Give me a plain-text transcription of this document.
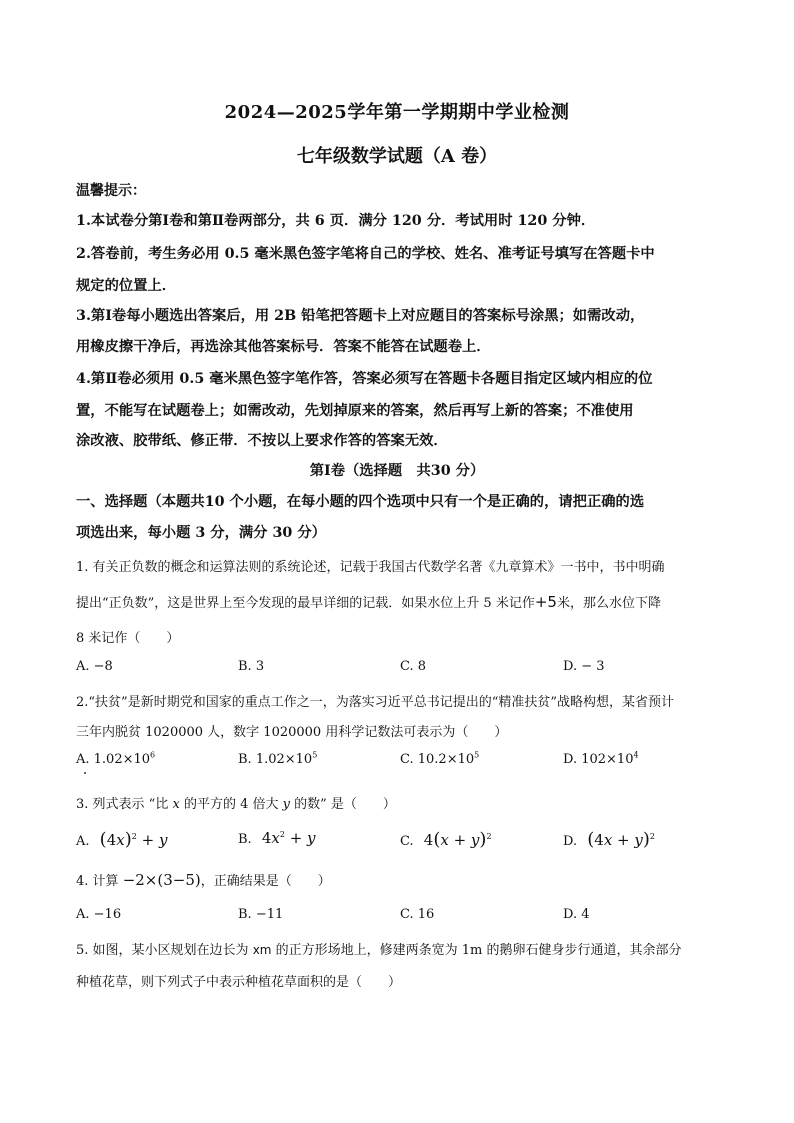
2024—2025学年第一学期期中学业检测
七年级数学试题（A 卷）
温馨提示：
1.本试卷分第Ⅰ卷和第Ⅱ卷两部分，共 6 页．满分 120 分．考试用时 120 分钟．
2.答卷前，考生务必用 0.5 毫米黑色签字笔将自己的学校、姓名、准考证号填写在答题卡中
规定的位置上．
3.第Ⅰ卷每小题选出答案后，用 2B 铅笔把答题卡上对应题目的答案标号涂黑；如需改动，
用橡皮擦干净后，再选涂其他答案标号．答案不能答在试题卷上．
4.第Ⅱ卷必须用 0.5 毫米黑色签字笔作答，答案必须写在答题卡各题目指定区域内相应的位
置，不能写在试题卷上；如需改动，先划掉原来的答案，然后再写上新的答案；不准使用
涂改液、胶带纸、修正带．不按以上要求作答的答案无效．
第Ⅰ卷（选择题　共30 分）
一、选择题（本题共10 个小题，在每小题的四个选项中只有一个是正确的，请把正确的选
项选出来，每小题 3 分，满分 30 分）
1. 有关正负数的概念和运算法则的系统论述，记载于我国古代数学名著《九章算术》一书中，书中明确
提出“正负数”，这是世界上至今发现的最早详细的记载．如果水位上升 5 米记作+5米，那么水位下降
8 米记作（　　）
A. −8	B. 3	C. 8	D. − 3
2.“扶贫”是新时期党和国家的重点工作之一，为落实习近平总书记提出的“精准扶贫”战略构想，某省预计
三年内脱贫 1020000 人，数字 1020000 用科学记数法可表示为（　　）
A. $1.02\times 10^6$	B. $1.02\times 10^5$	C. $10.2\times 10^5$	D. $102\times 10^4$
3. 列式表示 “比 x 的平方的 4 倍大 y 的数” 是（　　）
A. $(4x)^2 + y$	B. $4x^2 + y$	C. $4(x + y)^2$	D. $(4x + y)^2$
4. 计算 −2×(3−5)，正确结果是（　　）
A. −16	B. −11	C. 16	D. 4
5. 如图，某小区规划在边长为 xm 的正方形场地上，修建两条宽为 1m 的鹅卵石健身步行通道，其余部分
种植花草，则下列式子中表示种植花草面积的是（　　）
